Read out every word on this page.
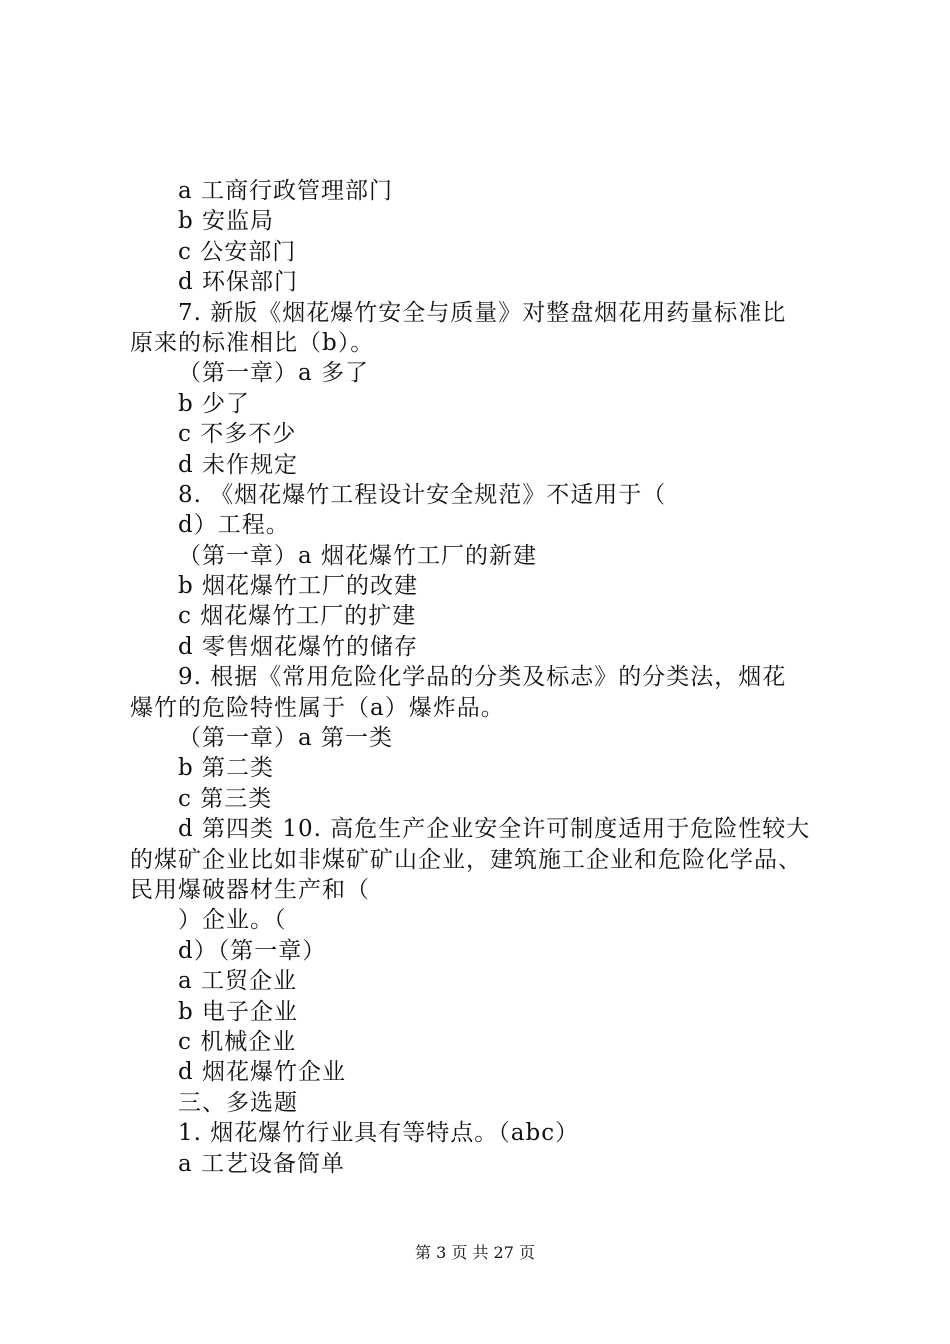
a 工商行政管理部门
b 安监局
c 公安部门
d 环保部门
7. 新版《烟花爆竹安全与质量》对整盘烟花用药量标准比
原来的标准相比（b）。
（第一章）a 多了
b 少了
c 不多不少
d 未作规定
8. 《烟花爆竹工程设计安全规范》不适用于（
d）工程。
（第一章）a 烟花爆竹工厂的新建
b 烟花爆竹工厂的改建
c 烟花爆竹工厂的扩建
d 零售烟花爆竹的储存
9. 根据《常用危险化学品的分类及标志》的分类法，烟花
爆竹的危险特性属于（a）爆炸品。
（第一章）a 第一类
b 第二类
c 第三类
d 第四类 10. 高危生产企业安全许可制度适用于危险性较大
的煤矿企业比如非煤矿矿山企业，建筑施工企业和危险化学品、
民用爆破器材生产和（
）企业。（
d）（第一章）
a 工贸企业
b 电子企业
c 机械企业
d 烟花爆竹企业
三、多选题
1. 烟花爆竹行业具有等特点。（abc）
a 工艺设备简单
第 3 页 共 27 页
